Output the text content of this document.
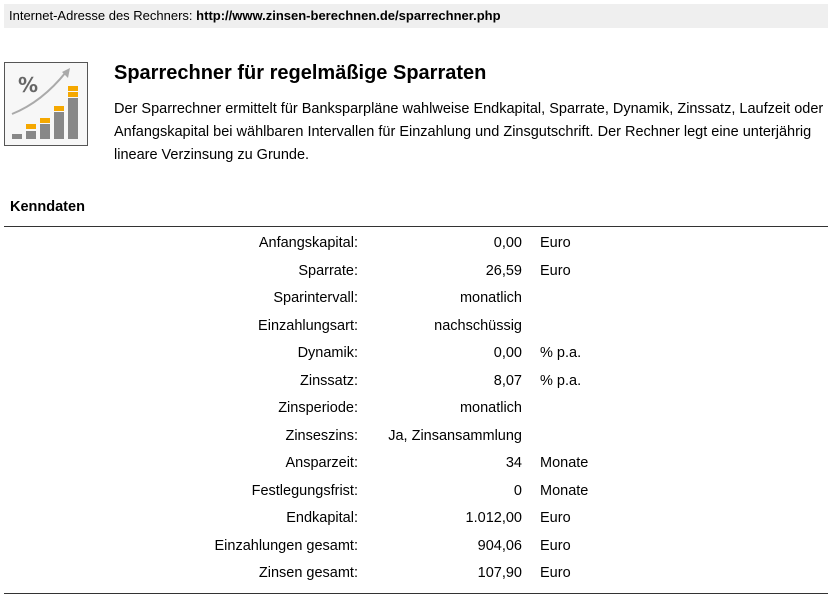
Internet-Adresse des Rechners: http://www.zinsen-berechnen.de/sparrechner.php
%	Sparrechner für regelmäßige Sparraten
Der Sparrechner ermittelt für Banksparpläne wahlweise Endkapital, Sparrate, Dynamik, Zinssatz, Laufzeit oder Anfangskapital bei wählbaren Intervallen für Einzahlung und Zinsgutschrift. Der Rechner legt eine unterjährig lineare Verzinsung zu Grunde.
Kenndaten
Anfangskapital:	0,00 Euro
Sparrate:	26,59 Euro
Sparintervall:	monatlich
Einzahlungsart:	nachschüssig
Dynamik:	0,00 % p.a.
Zinssatz:	8,07 % p.a.
Zinsperiode:	monatlich
Zinseszins: Ja, Zinsansammlung
Ansparzeit:	34 Monate
Festlegungsfrist:	0 Monate
Endkapital:	1.012,00 Euro
Einzahlungen gesamt:	904,06 Euro
Zinsen gesamt:	107,90 Euro
